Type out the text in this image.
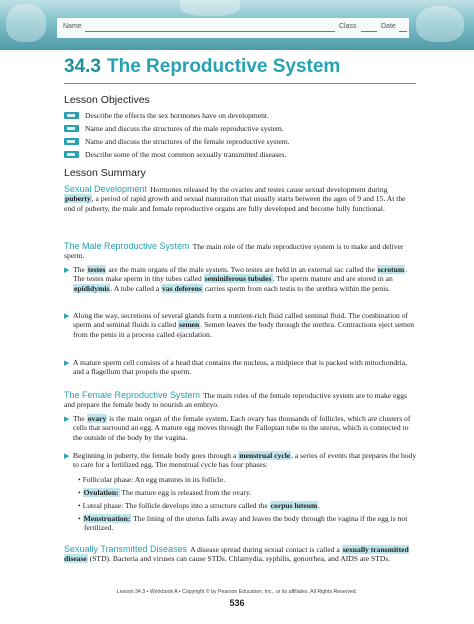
Name	Class	Date
34.3 The Reproductive System
Lesson Objectives
Describe the effects the sex hormones have on development.
Name and discuss the structures of the male reproductive system.
Name and discuss the structures of the female reproductive system.
Describe some of the most common sexually transmitted diseases.
Lesson Summary
Sexual Development Hormones released by the ovaries and testes cause sexual development during puberty, a period of rapid growth and sexual maturation that usually starts between the ages of 9 and 15. At the end of puberty, the male and female reproductive organs are fully developed and become fully functional.
The Male Reproductive System The main role of the male reproductive system is to make and deliver sperm.
▶ The testes are the main organs of the male system. Two testes are held in an external sac called the scrotum. The testes make sperm in tiny tubes called seminiferous tubules. The sperm mature and are stored in an epididymis. A tube called a vas deferens carries sperm from each testis to the urethra within the penis.
▶ Along the way, secretions of several glands form a nutrient-rich fluid called seminal fluid. The combination of sperm and seminal fluids is called semen. Semen leaves the body through the urethra. Contractions eject semen from the penis in a process called ejaculation.
▶ A mature sperm cell consists of a head that contains the nucleus, a midpiece that is packed with mitochondria, and a flagellum that propels the sperm.
The Female Reproductive System The main roles of the female reproductive system are to make eggs and prepare the female body to nourish an embryo.
▶ The ovary is the main organ of the female system. Each ovary has thousands of follicles, which are clusters of cells that surround an egg. A mature egg moves through the Fallopian tube to the uterus, which is connected to the outside of the body by the vagina.
▶ Beginning in puberty, the female body goes through a menstrual cycle, a series of events that prepares the body to care for a fertilized egg. The menstrual cycle has four phases:
• Follicular phase: An egg matures in its follicle.
• Ovulation: The mature egg is released from the ovary.
• Luteal phase: The follicle develops into a structure called the corpus luteum.
• Menstruation: The lining of the uterus falls away and leaves the body through the vagina if the egg is not fertilized.
Sexually Transmitted Diseases A disease spread during sexual contact is called a sexually transmitted disease (STD). Bacteria and viruses can cause STDs. Chlamydia, syphilis, gonorrhea, and AIDS are STDs.
Lesson 34.3 • Workbook A • Copyright © by Pearson Education, Inc., or its affiliates. All Rights Reserved.
536
